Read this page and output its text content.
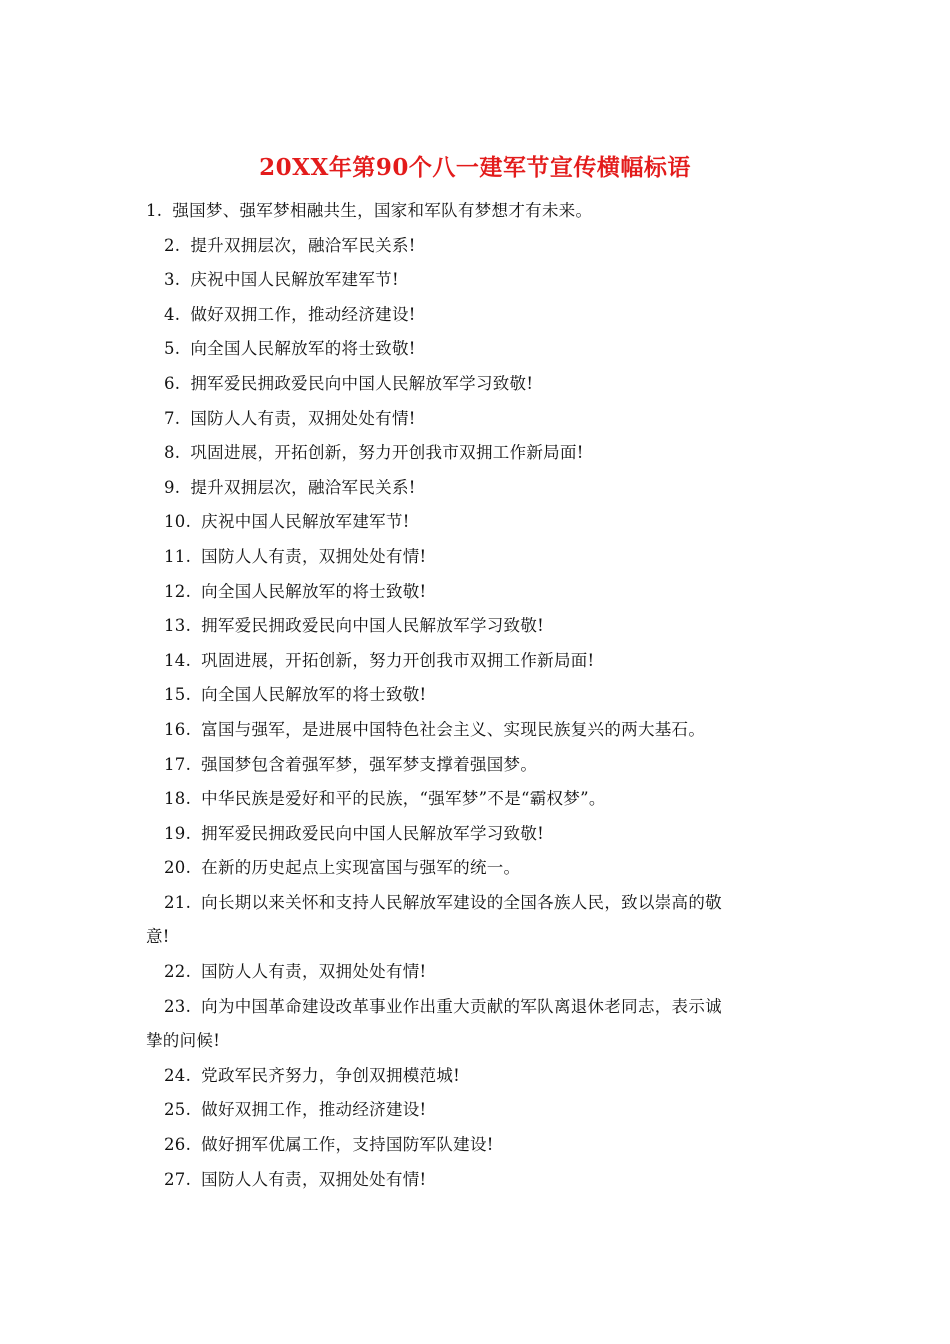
20XX年第90个八一建军节宣传横幅标语
1. 强国梦、强军梦相融共生，国家和军队有梦想才有未来。
2. 提升双拥层次，融洽军民关系!
3. 庆祝中国人民解放军建军节!
4. 做好双拥工作，推动经济建设!
5. 向全国人民解放军的将士致敬!
6. 拥军爱民拥政爱民向中国人民解放军学习致敬!
7. 国防人人有责，双拥处处有情!
8. 巩固进展，开拓创新，努力开创我市双拥工作新局面!
9. 提升双拥层次，融洽军民关系!
10. 庆祝中国人民解放军建军节!
11. 国防人人有责，双拥处处有情!
12. 向全国人民解放军的将士致敬!
13. 拥军爱民拥政爱民向中国人民解放军学习致敬!
14. 巩固进展，开拓创新，努力开创我市双拥工作新局面!
15. 向全国人民解放军的将士致敬!
16. 富国与强军，是进展中国特色社会主义、实现民族复兴的两大基石。
17. 强国梦包含着强军梦，强军梦支撑着强国梦。
18. 中华民族是爱好和平的民族，“强军梦”不是“霸权梦”。
19. 拥军爱民拥政爱民向中国人民解放军学习致敬!
20. 在新的历史起点上实现富国与强军的统一。
21. 向长期以来关怀和支持人民解放军建设的全国各族人民，致以崇高的敬
意!
22. 国防人人有责，双拥处处有情!
23. 向为中国革命建设改革事业作出重大贡献的军队离退休老同志，表示诚
挚的问候!
24. 党政军民齐努力，争创双拥模范城!
25. 做好双拥工作，推动经济建设!
26. 做好拥军优属工作，支持国防军队建设!
27. 国防人人有责，双拥处处有情!
